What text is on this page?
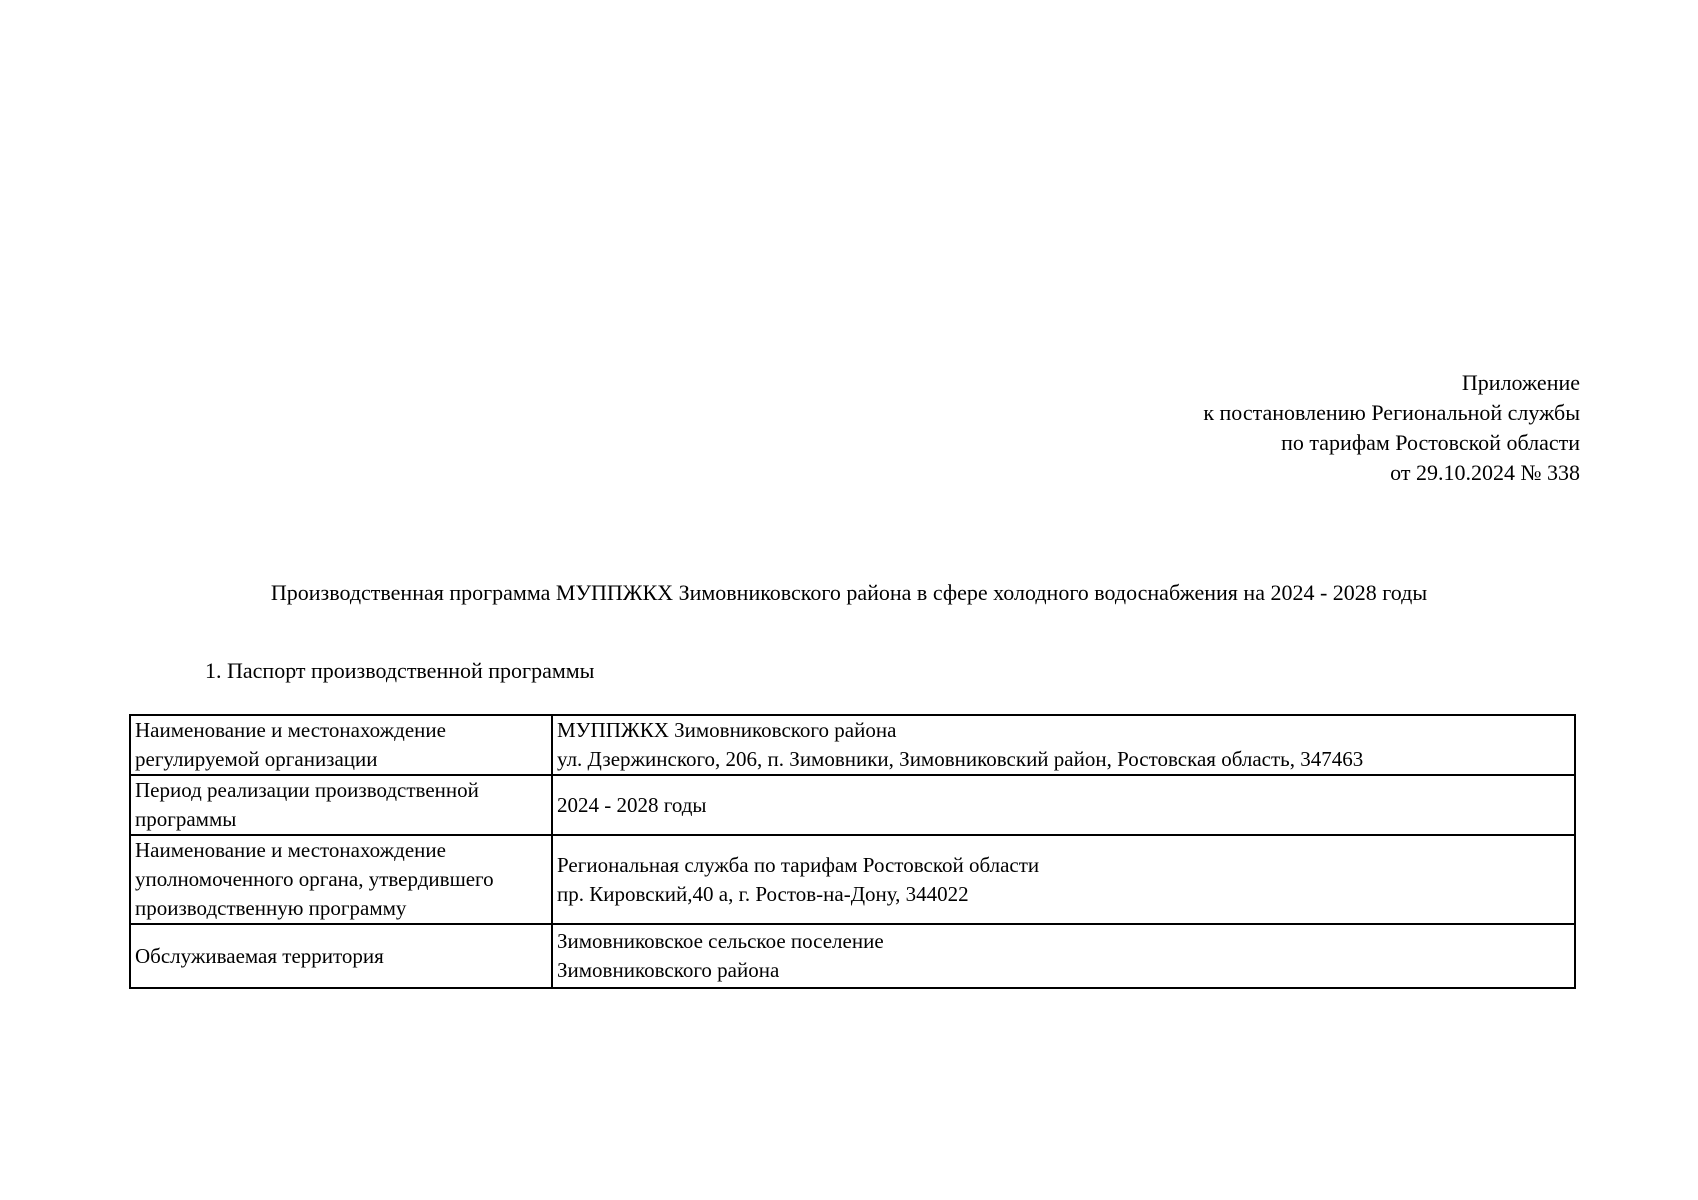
Приложение
к постановлению Региональной службы
по тарифам Ростовской области
от 29.10.2024 № 338
Производственная программа МУППЖКХ Зимовниковского района в сфере холодного водоснабжения на 2024 - 2028 годы
1. Паспорт производственной программы
Наименование и местонахождение регулируемой организации	МУППЖКХ Зимовниковского района
ул. Дзержинского, 206, п. Зимовники, Зимовниковский район, Ростовская область, 347463

Период реализации производственной программы	2024 - 2028 годы

Наименование и местонахождение уполномоченного органа, утвердившего производственную программу	Региональная служба по тарифам Ростовской области
пр. Кировский,40 а, г. Ростов-на-Дону, 344022

Обслуживаемая территория	Зимовниковское сельское поселение
Зимовниковского района
